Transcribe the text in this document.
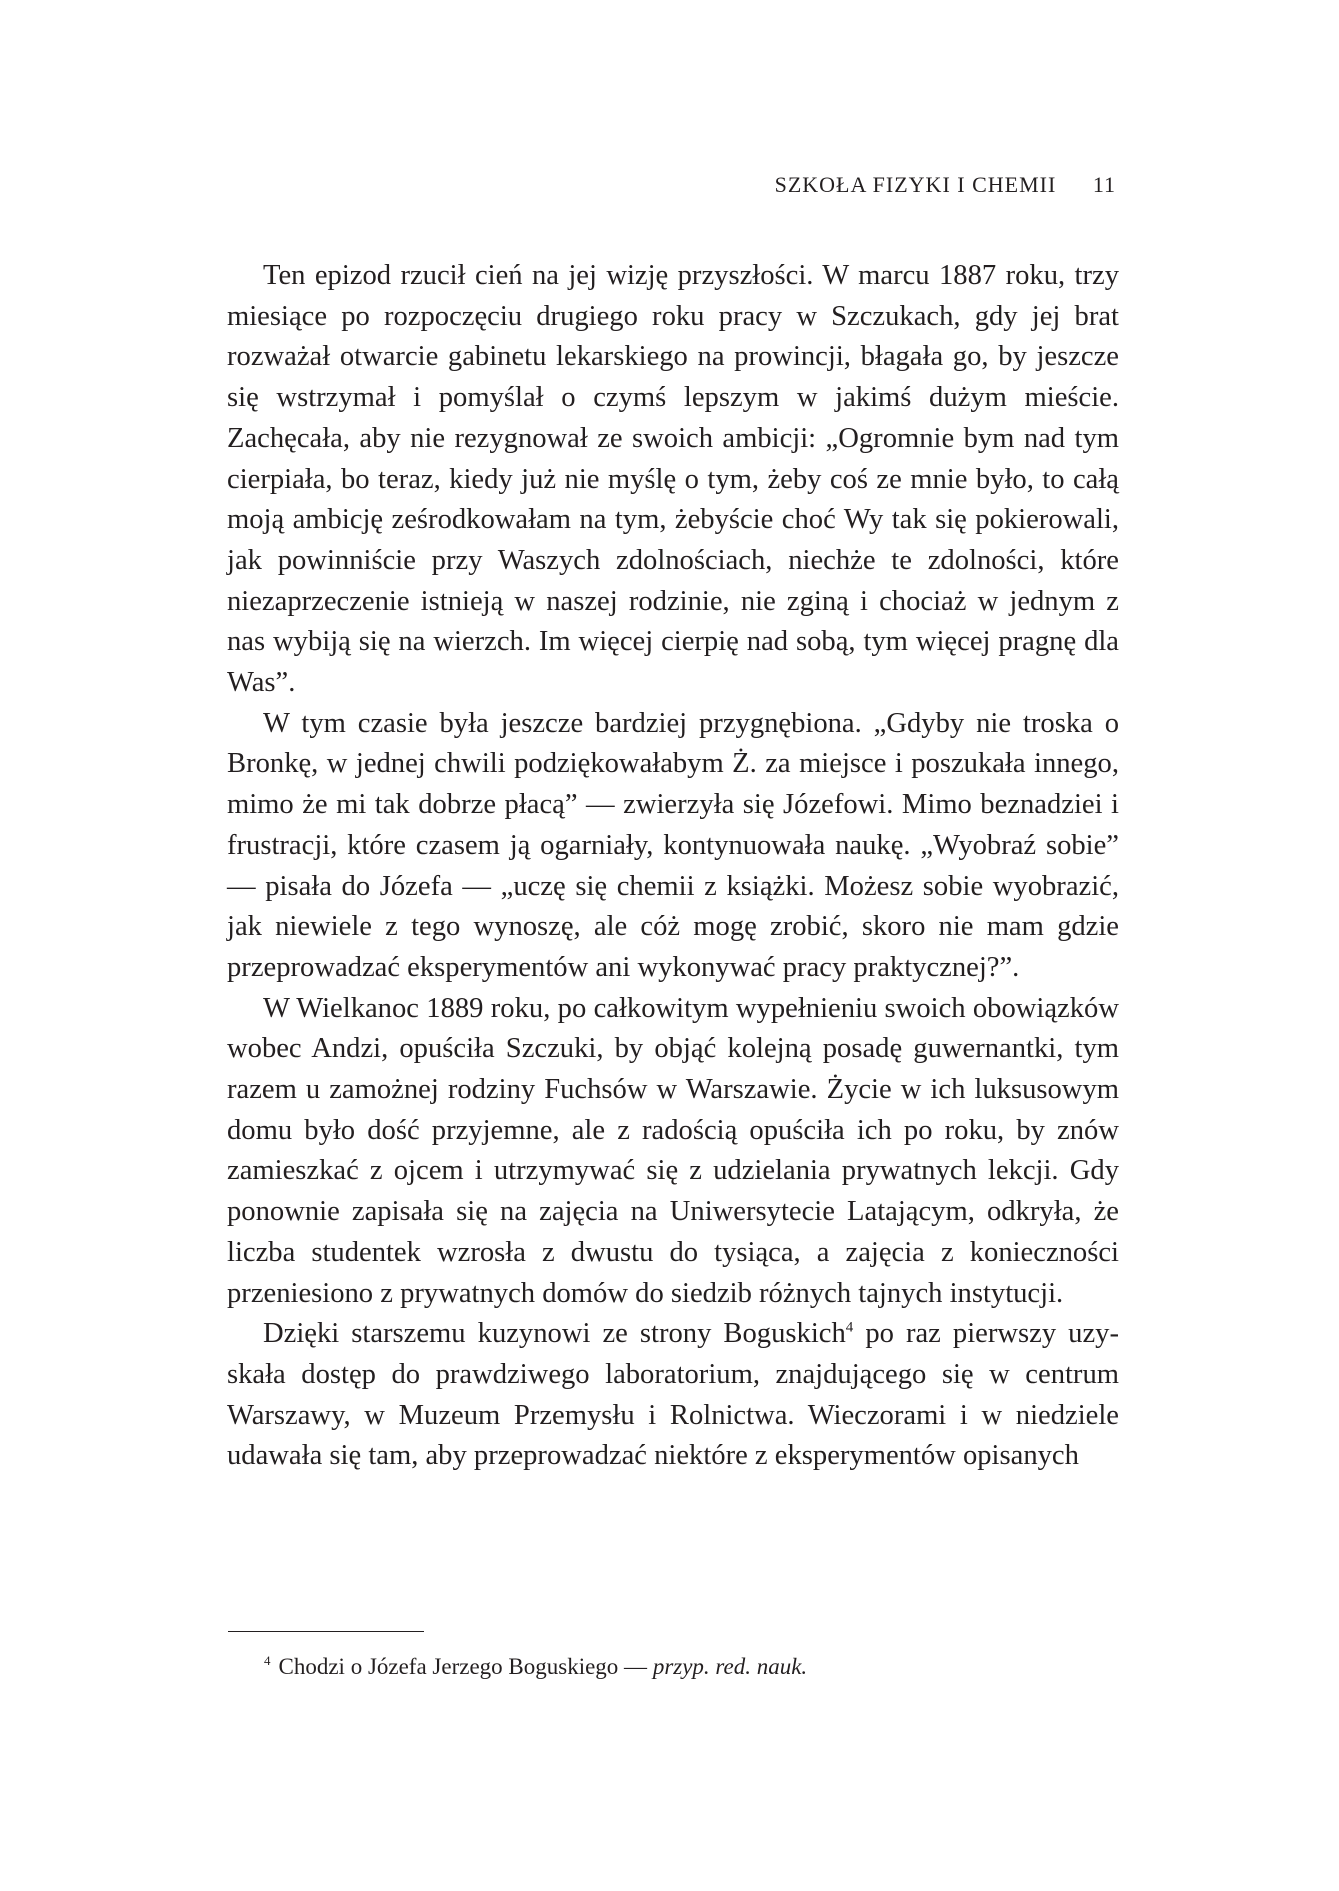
SZKOŁA FIZYKI I CHEMII 11

Ten epizod rzucił cień na jej wizję przyszłości. W marcu 1887 roku, trzy miesiące po rozpoczęciu drugiego roku pracy w Szczukach, gdy jej brat rozważał otwarcie gabinetu lekarskiego na prowincji, błagała go, by jeszcze się wstrzymał i pomyślał o czymś lepszym w jakimś dużym mieście. Zachęcała, aby nie rezygnował ze swoich ambicji: „Ogromnie bym nad tym cierpiała, bo teraz, kiedy już nie myślę o tym, żeby coś ze mnie było, to całą moją ambicję ześrodkowałam na tym, żebyście choć Wy tak się pokierowali, jak powinniście przy Waszych zdolnościach, niechże te zdolności, które niezaprzeczenie istnieją w naszej rodzinie, nie zginą i chociaż w jednym z nas wybiją się na wierzch. Im więcej cierpię nad sobą, tym więcej pragnę dla Was”.

W tym czasie była jeszcze bardziej przygnębiona. „Gdyby nie troska o Bronkę, w jednej chwili podziękowałabym Ż. za miejsce i poszukała innego, mimo że mi tak dobrze płacą” — zwierzyła się Józefowi. Mimo beznadziei i frustracji, które czasem ją ogarniały, kontynuowała naukę. „Wyobraź sobie” — pisała do Józefa — „uczę się chemii z książki. Możesz sobie wyobrazić, jak niewiele z tego wynoszę, ale cóż mogę zrobić, skoro nie mam gdzie przeprowadzać eksperymentów ani wykonywać pracy praktycznej?”.

W Wielkanoc 1889 roku, po całkowitym wypełnieniu swoich obowiązków wobec Andzi, opuściła Szczuki, by objąć kolejną posadę guwernantki, tym razem u zamożnej rodziny Fuchsów w Warszawie. Życie w ich luksusowym domu było dość przyjemne, ale z radością opuściła ich po roku, by znów zamieszkać z ojcem i utrzymywać się z udzielania prywatnych lekcji. Gdy ponownie zapisała się na zajęcia na Uniwersytecie Latającym, odkryła, że liczba studentek wzrosła z dwustu do tysiąca, a zajęcia z konieczności przeniesiono z prywatnych domów do siedzib różnych tajnych instytucji.

Dzięki starszemu kuzynowi ze strony Boguskich$^4$ po raz pierwszy uzyskała dostęp do prawdziwego laboratorium, znajdującego się w centrum Warszawy, w Muzeum Przemysłu i Rolnictwa. Wieczorami i w niedziele udawała się tam, aby przeprowadzać niektóre z eksperymentów opisanych

$^4$ Chodzi o Józefa Jerzego Boguskiego — przyp. red. nauk.
